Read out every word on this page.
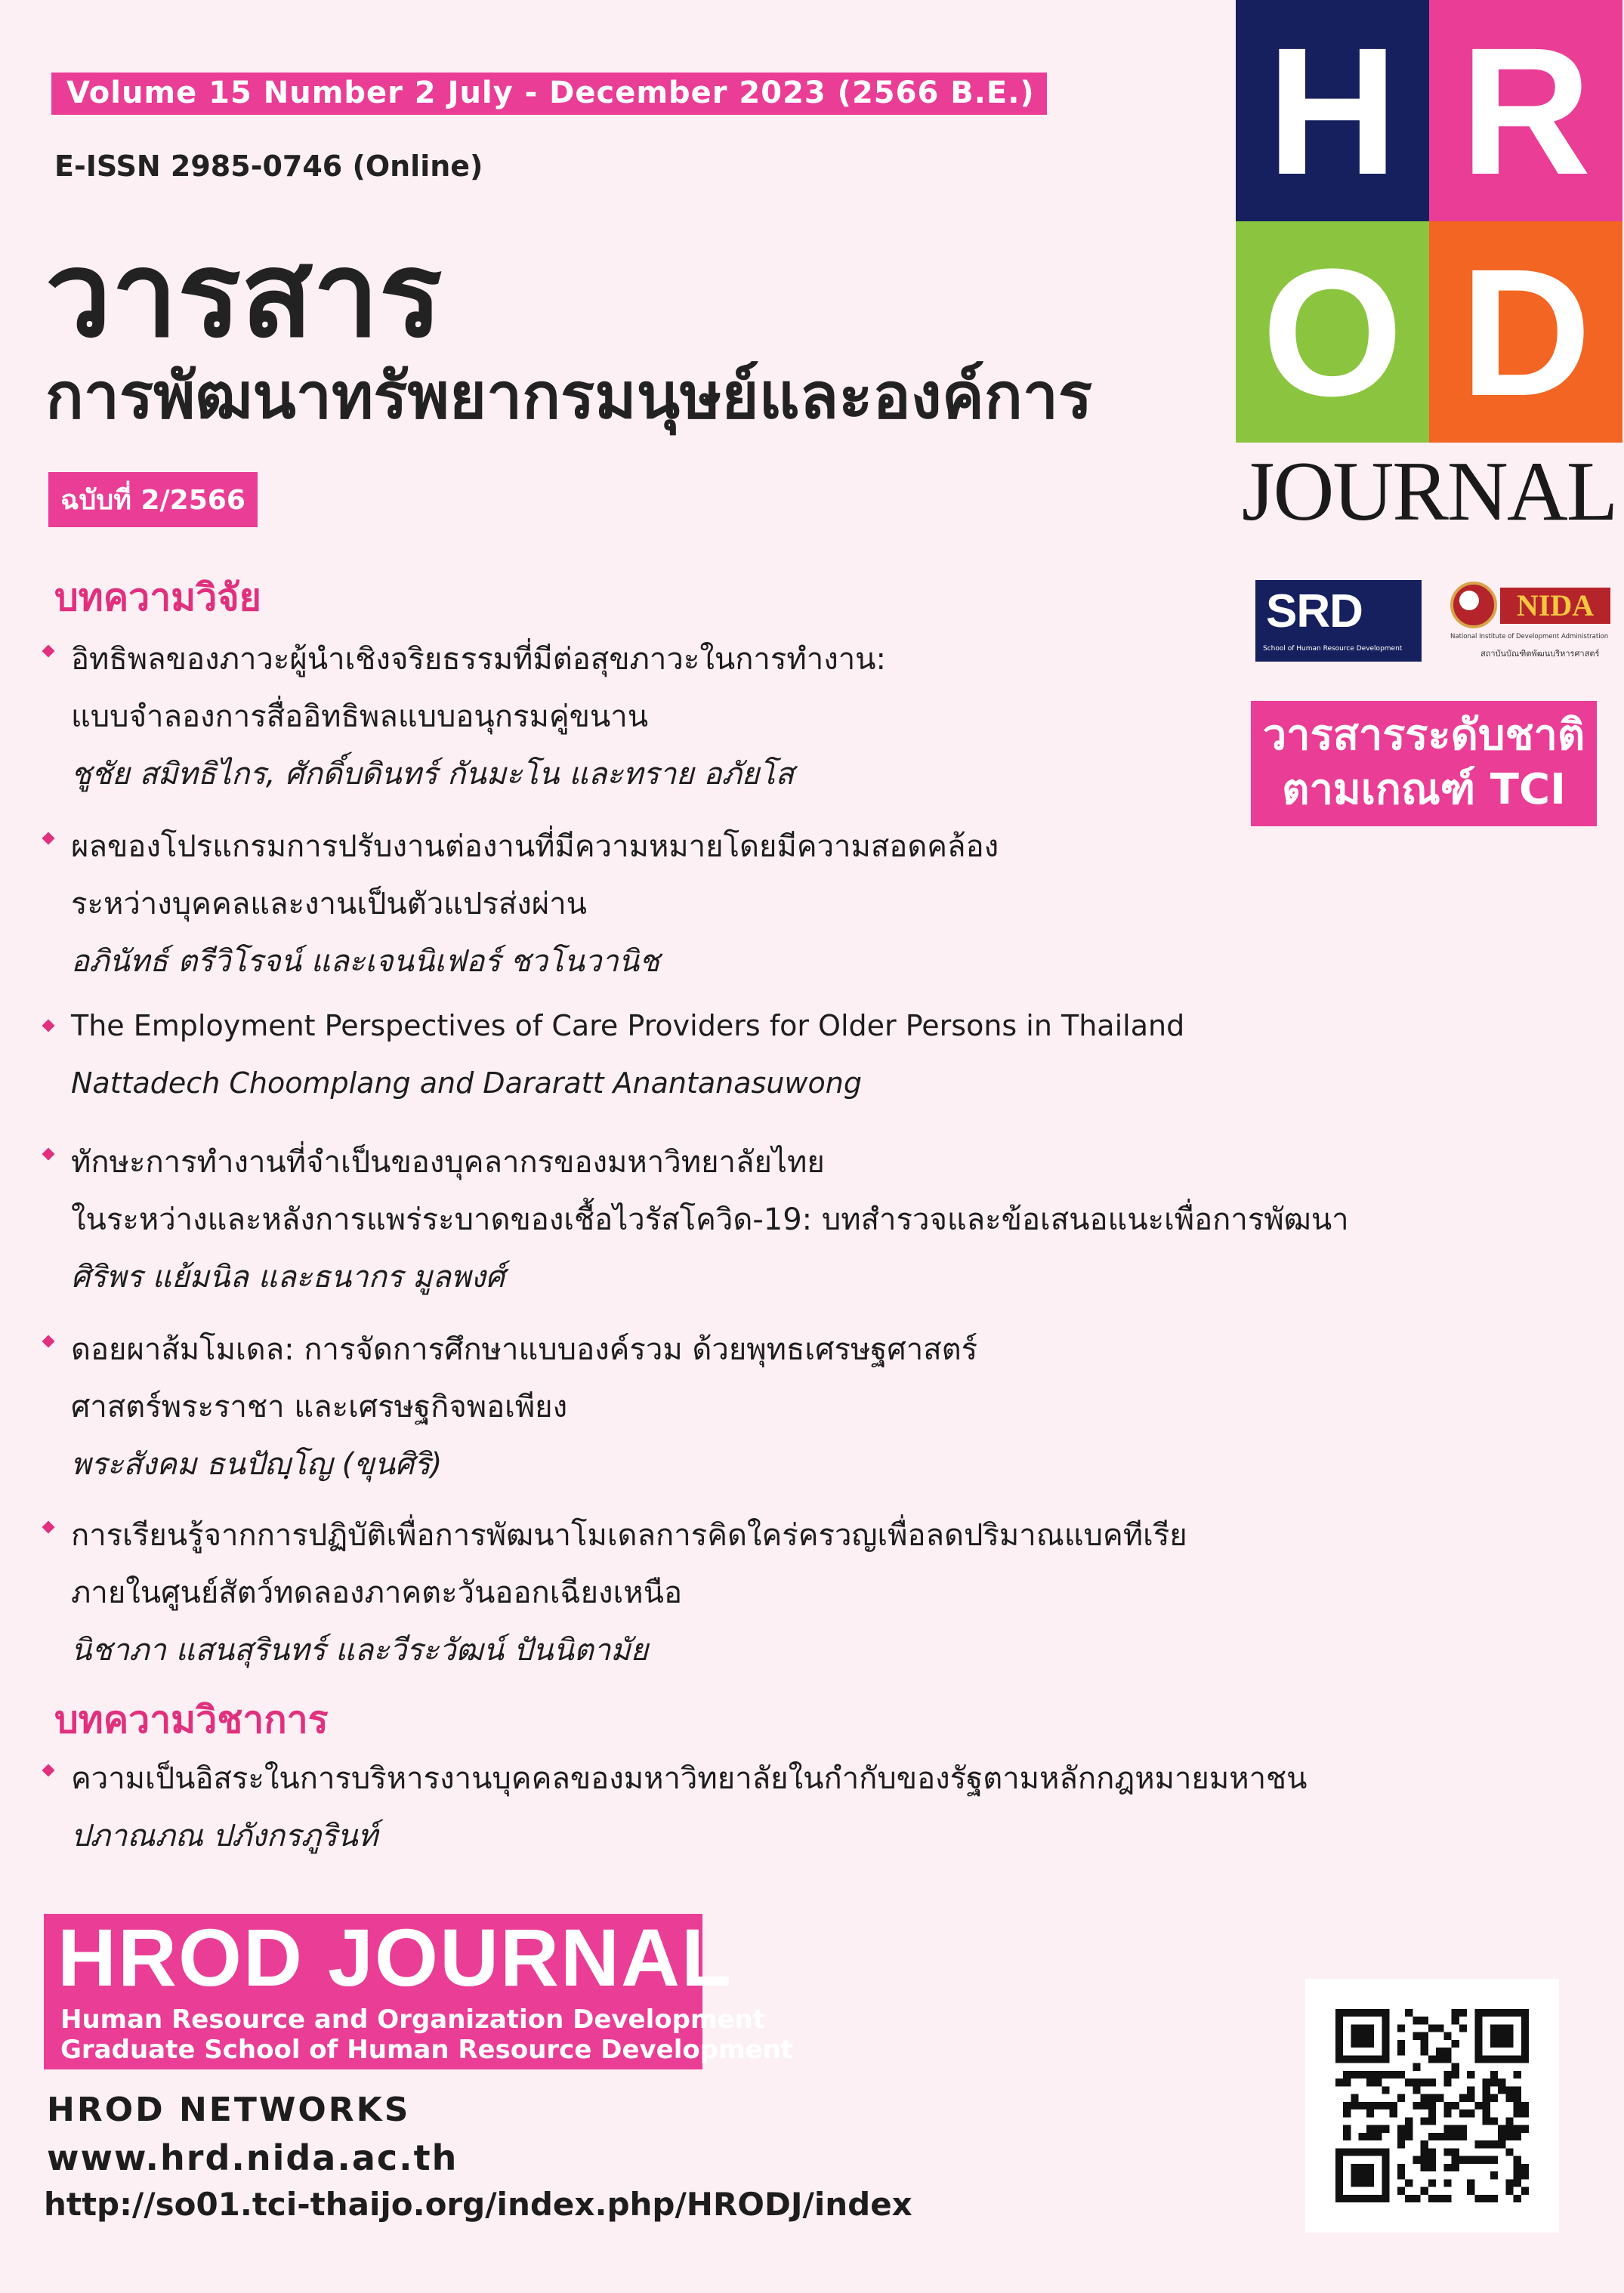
Volume 15 Number 2 July - December 2023 (2566 B.E.)
E-ISSN 2985-0746 (Online)
วารสาร
การพัฒนาทรัพยากรมนุษย์และองค์การ
ฉบับที่ 2/2566
H R
O D
JOURNAL
SRD
School of Human Resource Development
NIDA
National Institute of Development Administration
สถาบันบัณฑิตพัฒนบริหารศาสตร์
วารสารระดับชาติ
ตามเกณฑ์ TCI
บทความวิจัย
อิทธิพลของภาวะผู้นำเชิงจริยธรรมที่มีต่อสุขภาวะในการทำงาน:
แบบจำลองการสื่ออิทธิพลแบบอนุกรมคู่ขนาน
ชูชัย สมิทธิไกร, ศักดิ์บดินทร์ กันมะโน และทราย อภัยโส
ผลของโปรแกรมการปรับงานต่องานที่มีความหมายโดยมีความสอดคล้อง
ระหว่างบุคคลและงานเป็นตัวแปรส่งผ่าน
อภินัทธ์ ตรีวิโรจน์ และเจนนิเฟอร์ ชวโนวานิช
The Employment Perspectives of Care Providers for Older Persons in Thailand
Nattadech Choomplang and Dararatt Anantanasuwong
ทักษะการทำงานที่จำเป็นของบุคลากรของมหาวิทยาลัยไทย
ในระหว่างและหลังการแพร่ระบาดของเชื้อไวรัสโควิด-19: บทสำรวจและข้อเสนอแนะเพื่อการพัฒนา
ศิริพร แย้มนิล และธนากร มูลพงศ์
ดอยผาส้มโมเดล: การจัดการศึกษาแบบองค์รวม ด้วยพุทธเศรษฐศาสตร์
ศาสตร์พระราชา และเศรษฐกิจพอเพียง
พระสังคม ธนปัญฺโญ (ขุนศิริ)
การเรียนรู้จากการปฏิบัติเพื่อการพัฒนาโมเดลการคิดใคร่ครวญเพื่อลดปริมาณแบคทีเรีย
ภายในศูนย์สัตว์ทดลองภาคตะวันออกเฉียงเหนือ
นิชาภา แสนสุรินทร์ และวีระวัฒน์ ปันนิตามัย
บทความวิชาการ
ความเป็นอิสระในการบริหารงานบุคคลของมหาวิทยาลัยในกำกับของรัฐตามหลักกฎหมายมหาชน
ปภาณภณ ปภังกรภูรินท์
HROD JOURNAL
Human Resource and Organization Development
Graduate School of Human Resource Development
HROD NETWORKS
www.hrd.nida.ac.th
http://so01.tci-thaijo.org/index.php/HRODJ/index
